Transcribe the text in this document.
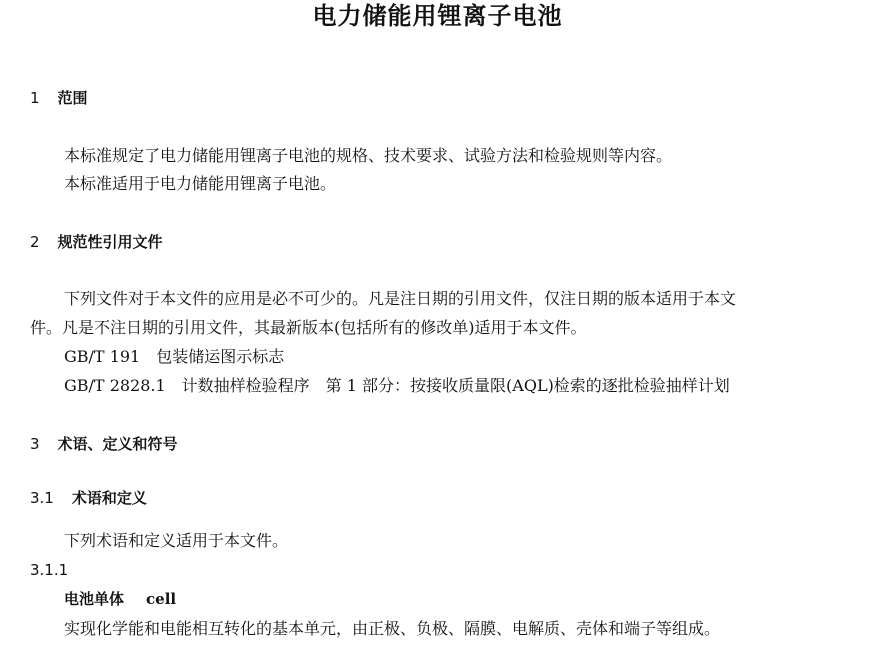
电力储能用锂离子电池
1 范围
本标准规定了电力储能用锂离子电池的规格、技术要求、试验方法和检验规则等内容。
本标准适用于电力储能用锂离子电池。
2 规范性引用文件
下列文件对于本文件的应用是必不可少的。凡是注日期的引用文件，仅注日期的版本适用于本文
件。凡是不注日期的引用文件，其最新版本(包括所有的修改单)适用于本文件。
GB/T 191 包装储运图示标志
GB/T 2828.1 计数抽样检验程序　第 1 部分：按接收质量限(AQL)检索的逐批检验抽样计划
3 术语、定义和符号
3.1 术语和定义
下列术语和定义适用于本文件。
3.1.1
电池单体 cell
实现化学能和电能相互转化的基本单元，由正极、负极、隔膜、电解质、壳体和端子等组成。
